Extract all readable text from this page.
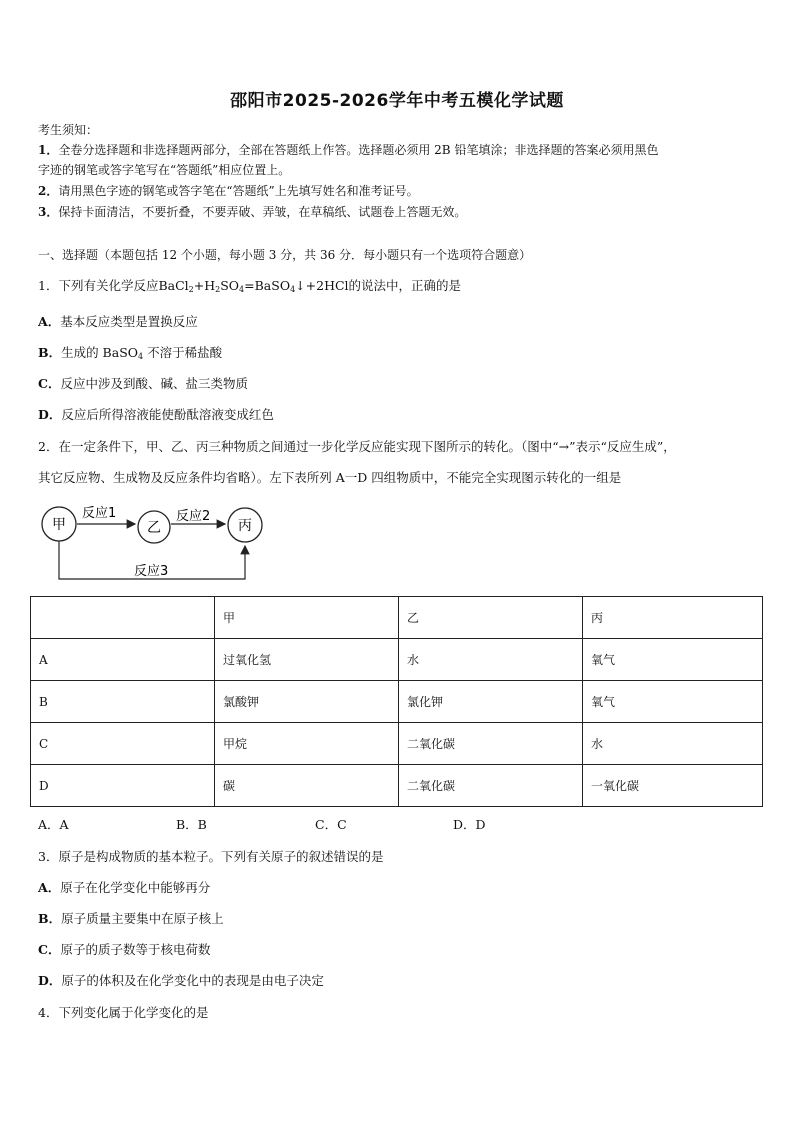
邵阳市2025-2026学年中考五模化学试题
考生须知：
1．全卷分选择题和非选择题两部分，全部在答题纸上作答。选择题必须用 2B 铅笔填涂；非选择题的答案必须用黑色
字迹的钢笔或答字笔写在“答题纸”相应位置上。
2．请用黑色字迹的钢笔或答字笔在“答题纸”上先填写姓名和准考证号。
3．保持卡面清洁，不要折叠，不要弄破、弄皱，在草稿纸、试题卷上答题无效。
一、选择题（本题包括 12 个小题，每小题 3 分，共 36 分．每小题只有一个选项符合题意）
1．下列有关化学反应$BaCl_2+H_2SO_4=BaSO_4↓+2HCl$的说法中，正确的是
A．基本反应类型是置换反应
B．生成的 BaSO$_4$ 不溶于稀盐酸
C．反应中涉及到酸、碱、盐三类物质
D．反应后所得溶液能使酚酞溶液变成红色
2．在一定条件下，甲、乙、丙三种物质之间通过一步化学反应能实现下图所示的转化。（图中“→”表示“反应生成”，
其它反应物、生成物及反应条件均省略）。左下表所列 A一D 四组物质中，不能完全实现图示转化的一组是
甲	乙	丙
反应1	反应2
反应3
	甲	乙	丙
A	过氧化氢	水	氧气
B	氯酸钾	氯化钾	氧气
C	甲烷	二氧化碳	水
D	碳	二氧化碳	一氧化碳
A．A	B．B	C．C	D．D
3．原子是构成物质的基本粒子。下列有关原子的叙述错误的是
A．原子在化学变化中能够再分
B．原子质量主要集中在原子核上
C．原子的质子数等于核电荷数
D．原子的体积及在化学变化中的表现是由电子决定
4．下列变化属于化学变化的是
